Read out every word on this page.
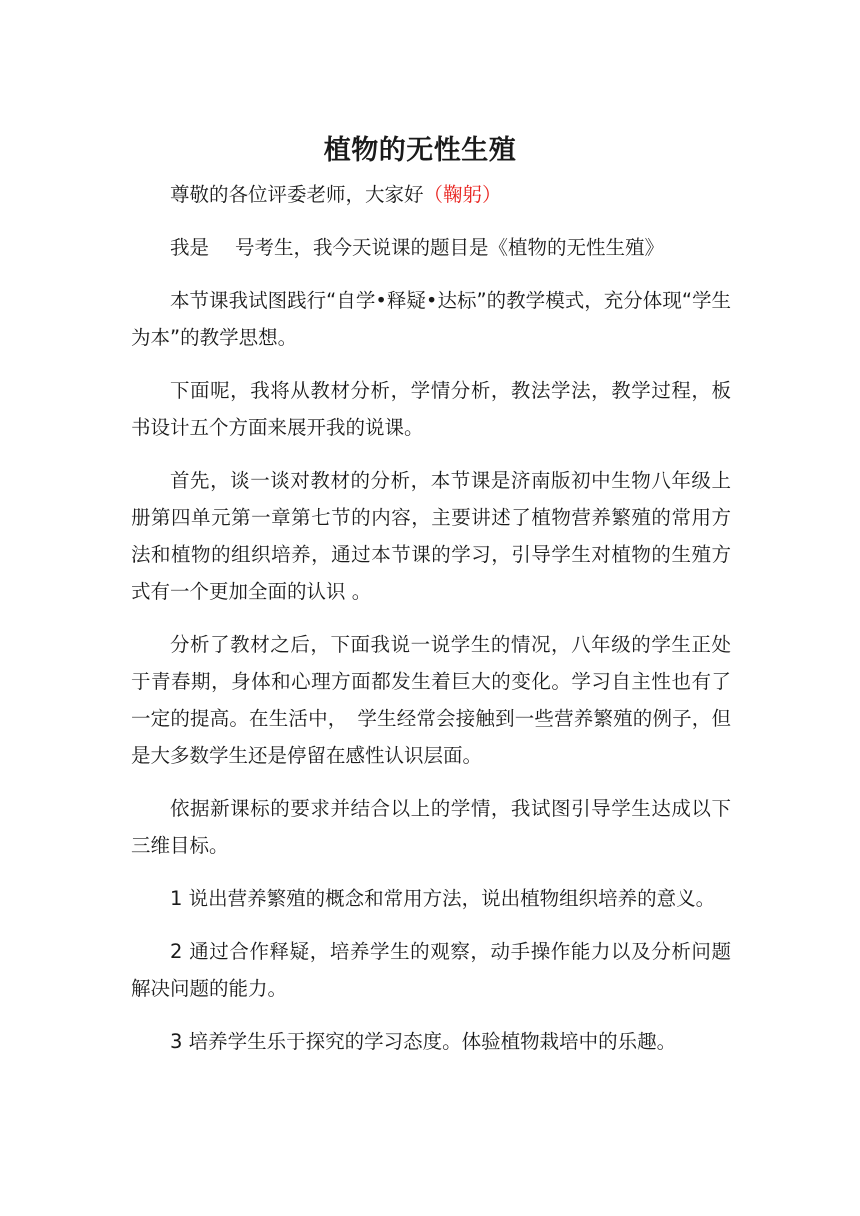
植物的无性生殖

尊敬的各位评委老师，大家好（鞠躬）

我是 号考生，我今天说课的题目是《植物的无性生殖》

本节课我试图践行“自学•释疑•达标”的教学模式，充分体现“学生为本”的教学思想。

下面呢，我将从教材分析，学情分析，教法学法，教学过程，板书设计五个方面来展开我的说课。

首先，谈一谈对教材的分析，本节课是济南版初中生物八年级上册第四单元第一章第七节的内容，主要讲述了植物营养繁殖的常用方法和植物的组织培养，通过本节课的学习，引导学生对植物的生殖方式有一个更加全面的认识 。

分析了教材之后，下面我说一说学生的情况，八年级的学生正处于青春期，身体和心理方面都发生着巨大的变化。学习自主性也有了一定的提高。在生活中，　学生经常会接触到一些营养繁殖的例子，但是大多数学生还是停留在感性认识层面。

依据新课标的要求并结合以上的学情，我试图引导学生达成以下三维目标。

1 说出营养繁殖的概念和常用方法，说出植物组织培养的意义。

2 通过合作释疑，培养学生的观察，动手操作能力以及分析问题解决问题的能力。

3 培养学生乐于探究的学习态度。体验植物栽培中的乐趣。
